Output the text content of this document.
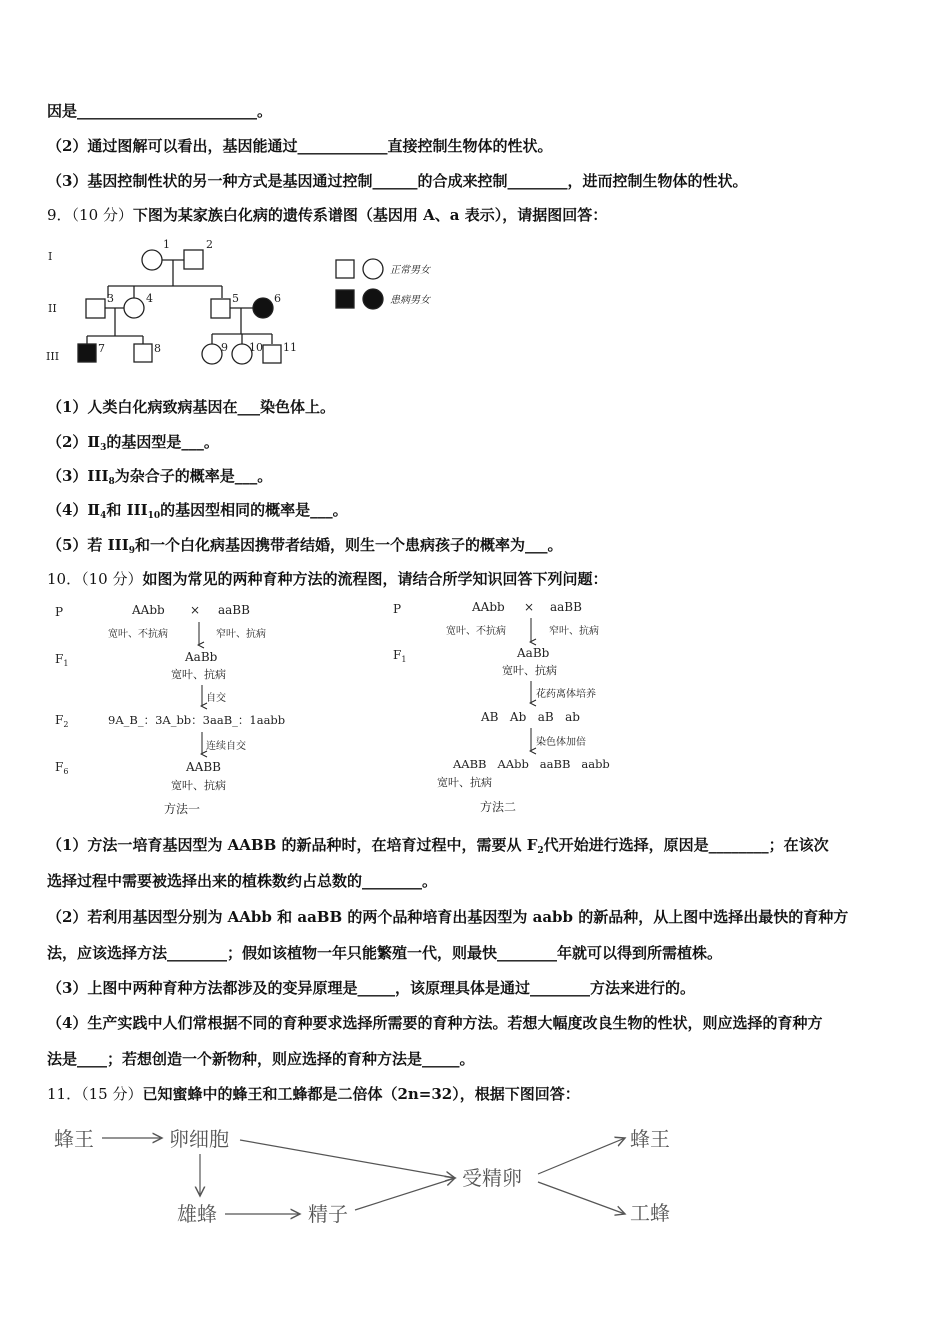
因是________________________。
（2）通过图解可以看出，基因能通过____________直接控制生物体的性状。
（3）基因控制性状的另一种方式是基因通过控制______的合成来控制________，进而控制生物体的性状。
9．（10 分）下图为某家族白化病的遗传系谱图（基因用 A、a 表示），请据图回答：
I
II
III
1	2
3	4	5	6
7	8	9 10 11
正常男女
患病男女
（1）人类白化病致病基因在___染色体上。
$(2)Ⅱ_3$的基因型是___。
$(3)III_8$为杂合子的概率是___。
$(4)Ⅱ_4$和 $III_{10}$的基因型相同的概率是___。
（5）若 $III_9$和一个白化病基因携带者结婚，则生一个患病孩子的概率为___。
10．（10 分）如图为常见的两种育种方法的流程图，请结合所学知识回答下列问题：
P
$F_1$
$F_2$
$F_6$
AAbb × aaBB
宽叶、不抗病	窄叶、抗病
AaBb
宽叶、抗病
自交
9A_B_：3A_bb：3aaB_：1aabb
连续自交
AABB
宽叶、抗病
方法一
P
$F_1$
AAbb × aaBB
宽叶、不抗病	窄叶、抗病
AaBb
宽叶、抗病
花药离体培养
AB   Ab   aB   ab
染色体加倍
AABB   AAbb   aaBB   aabb
宽叶、抗病
方法二
（1）方法一培育基因型为 AABB 的新品种时，在培育过程中，需要从 $F_2$代开始进行选择，原因是________；在该次
选择过程中需要被选择出来的植株数约占总数的________。
（2）若利用基因型分别为 AAbb 和 aaBB 的两个品种培育出基因型为 aabb 的新品种，从上图中选择出最快的育种方
法，应该选择方法________；假如该植物一年只能繁殖一代，则最快________年就可以得到所需植株。
（3）上图中两种育种方法都涉及的变异原理是_____，该原理具体是通过________方法来进行的。
（4）生产实践中人们常根据不同的育种要求选择所需要的育种方法。若想大幅度改良生物的性状，则应选择的育种方
法是____；若想创造一个新物种，则应选择的育种方法是_____。
11．（15 分）已知蜜蜂中的蜂王和工蜂都是二倍体（2n=32），根据下图回答：
蜂王	卵细胞
雄蜂	精子
受精卵
蜂王
工蜂
